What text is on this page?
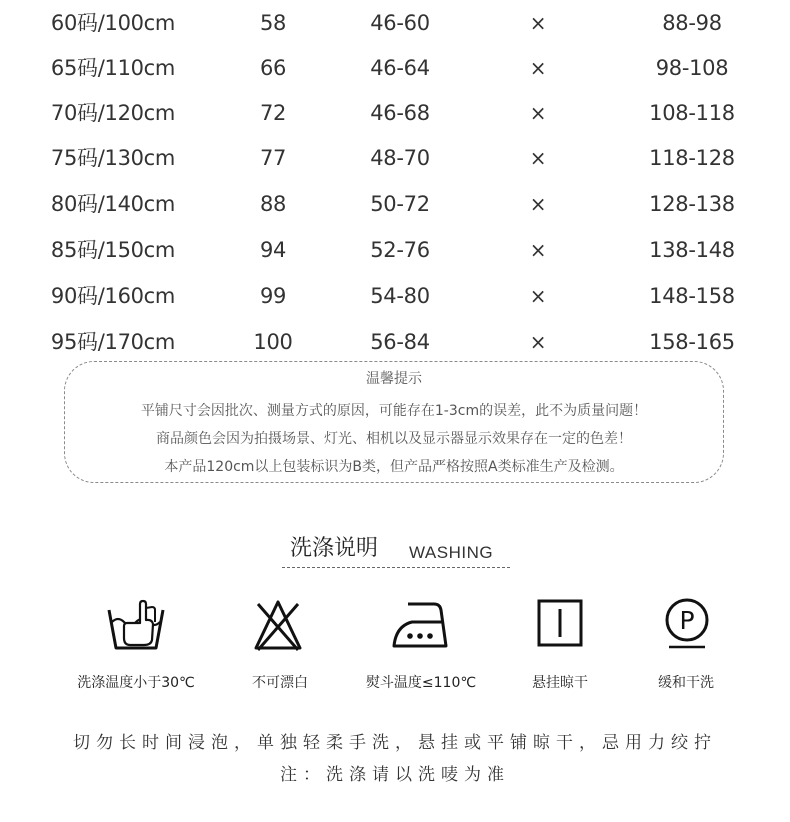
60码/100cm	58	46-60	×	88-98
65码/110cm	66	46-64	×	98-108
70码/120cm	72	46-68	×	108-118
75码/130cm	77	48-70	×	118-128
80码/140cm	88	50-72	×	128-138
85码/150cm	94	52-76	×	138-148
90码/160cm	99	54-80	×	148-158
95码/170cm	100	56-84	×	158-165
温馨提示
平铺尺寸会因批次、测量方式的原因，可能存在1-3cm的误差，此不为质量问题！
商品颜色会因为拍摄场景、灯光、相机以及显示器显示效果存在一定的色差！
本产品120cm以上包装标识为B类，但产品严格按照A类标准生产及检测。
洗涤说明 WASHING
P
洗涤温度小于30℃	不可漂白	熨斗温度≤110℃	悬挂晾干	缓和干洗
切勿长时间浸泡，单独轻柔手洗，悬挂或平铺晾干，忌用力绞拧
注：洗涤请以洗唛为准
